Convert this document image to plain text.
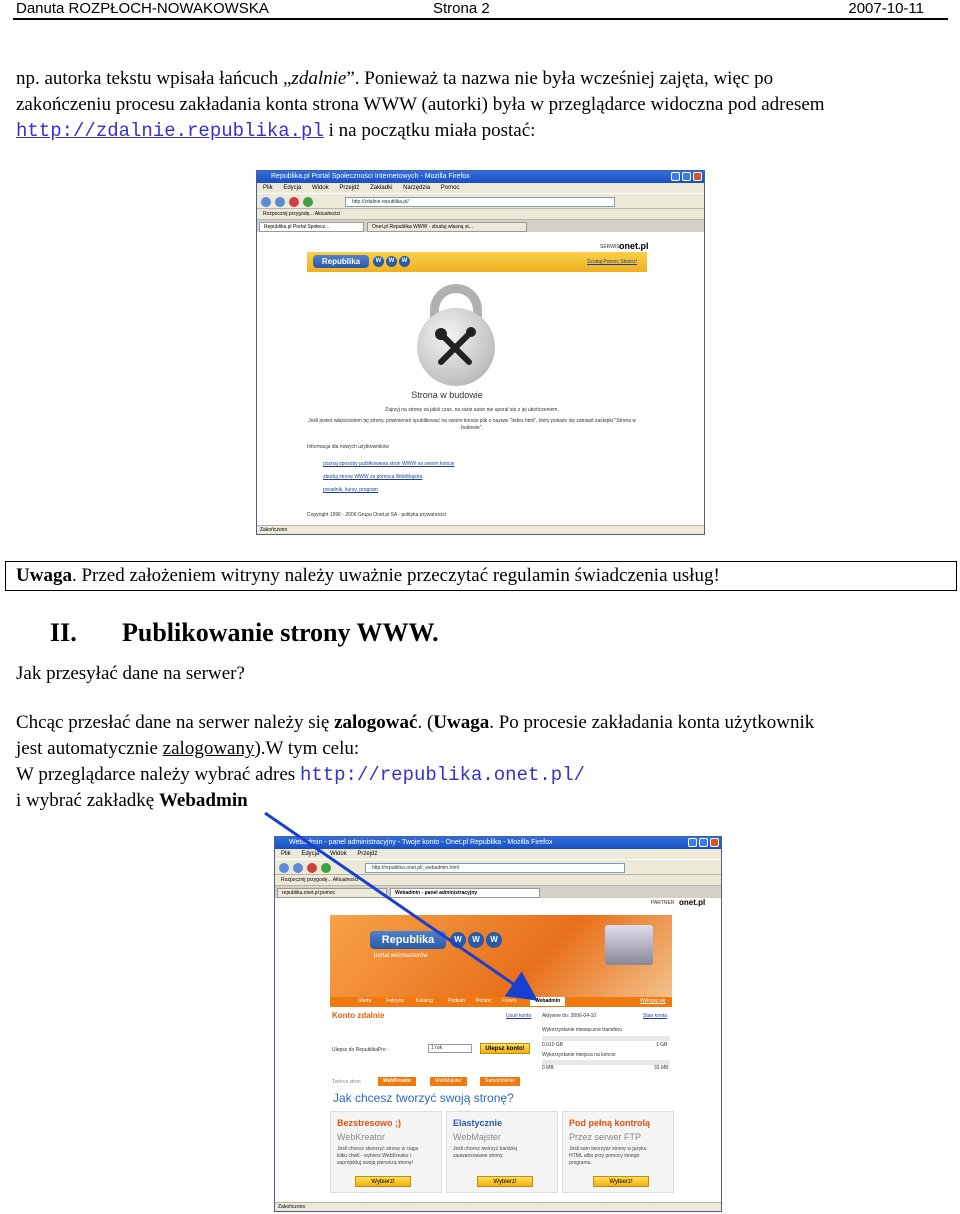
Danuta ROZPŁOCH-NOWAKOWSKA	Strona 2	2007-10-11
np. autorka tekstu wpisała łańcuch „zdalnie”. Ponieważ ta nazwa nie była wcześniej zajęta, więc po
zakończeniu procesu zakładania konta strona WWW (autorki) była w przeglądarce widoczna pod adresem
http://zdalnie.republika.pl i na początku miała postać:
Republika.pl Portal Społeczności Internetowych - Mozilla Firefox
Plik Edycja Widok Przejdź Zakładki Narzędzia Pomoc
http://zdalnie.republika.pl/
Rozpocznij przygodę... Aktualności
Republika.pl Portal Społecz...	Onet.pl Republika WWW - zbuduj własną st...
SERWIS onet.pl
Republika	W	W	W	Szukaj Pomoc Stwórz!
Strona w budowie
Zajrzyj na stronę za jakiś czas, na razie autor nie uporał się z jej ukończeniem.
Jeśli jesteś właścicielem tej strony, powinieneś opublikować na swoim koncie plik o nazwie "index.html", który pokaże się zamiast zaślepki "Strona w budowie".
Informacja dla nowych użytkowników
poznaj sposoby publikowania stron WWW na swoim koncie
zbuduj stronę WWW za pomocą WebMajstra
poradnik, kursy, program
Copyright 1996 - 2006 Grupa Onet.pl SA - polityka prywatności
Zakończono
Uwaga. Przed założeniem witryny należy uważnie przeczytać regulamin świadczenia usług!
II. Publikowanie strony WWW.
Jak przesyłać dane na serwer?
Chcąc przesłać dane na serwer należy się zalogować. (Uwaga. Po procesie zakładania konta użytkownik
jest automatycznie zalogowany).W tym celu:
W przeglądarce należy wybrać adres http://republika.onet.pl/
i wybrać zakładkę Webadmin
Webadmin - panel administracyjny - Twoje konto - Onet.pl Republika - Mozilla Firefox
Plik Edycja Widok Przejdź
http://republika.onet.pl/_webadmin.html
Rozpocznij przygodę... Aktualności
republika.onet.pl pomoc	Webadmin - panel administracyjny
PARTNER onet.pl
Republika	W	W	W
portal webmasterów
Ulerta	Fabryka Katalog	Podium Pomoc Forum	Webadmin	Wyloguj się
Konto zdalnie	Usuń konto Aktywne do: 2006-04-10	Stan konta
Wykorzystanie miesięczne transferu
0.010 GB	1 GB
Wykorzystanie miejsca na koncie
0 MB	33 MB
Ulepsz do RepublikaPro :	1 rok	Ulepsz konto!
Twórca stron	WebKreator	WebMajster	Samodzielnie
Jak chcesz tworzyć swoją stronę?
Bezstresowo ;)
WebKreator
Jeśli chcesz stworzyć stronę w ciągu kilku chwil - wybierz WebKreator i zaprojektuj swoją pierwszą stronę!
Wybierz!
Elastycznie
WebMajster
Jeśli chcesz tworzyć bardziej zaawansowane strony.
Wybierz!
Pod pełną kontrolą
Przez serwer FTP
Jeśli sam tworzysz stronę w języku HTML albo przy pomocy innego programu.
Wybierz!
Zakończono
